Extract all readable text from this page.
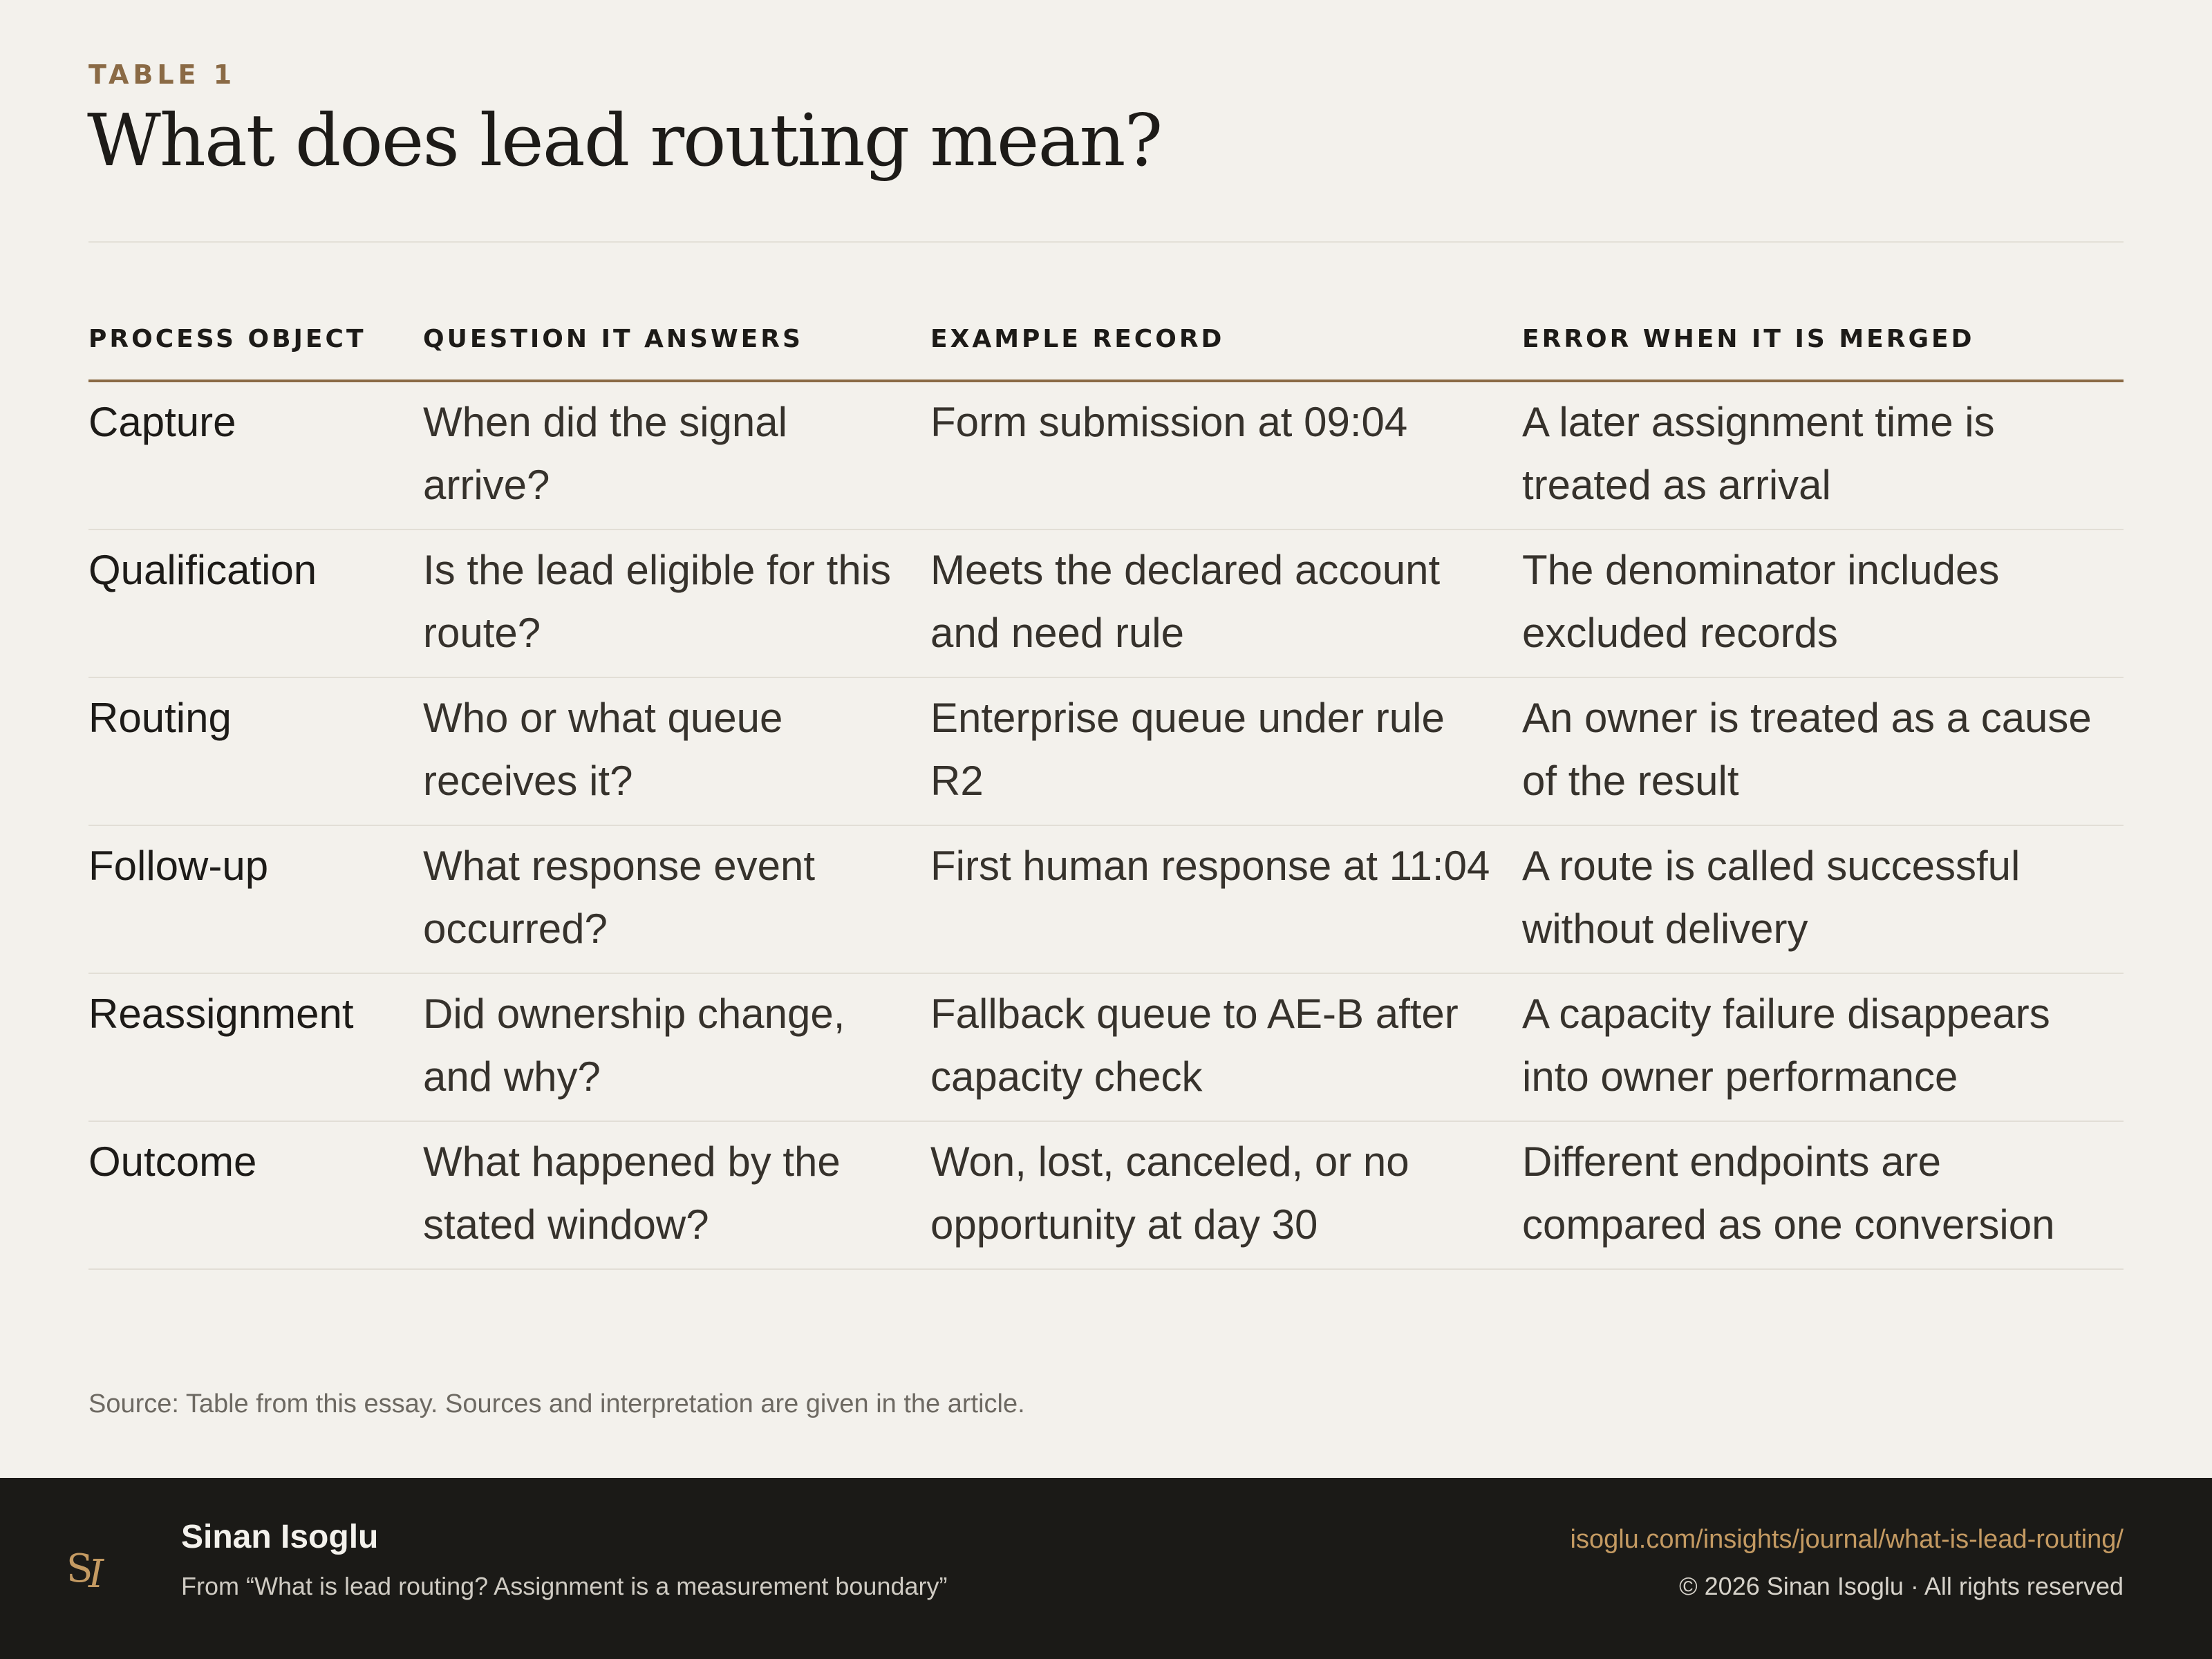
TABLE 1
What does lead routing mean?
PROCESS OBJECT	QUESTION IT ANSWERS	EXAMPLE RECORD	ERROR WHEN IT IS MERGED
Capture	When did the signal arrive?	Form submission at 09:04	A later assignment time is treated as arrival
Qualification	Is the lead eligible for this route?	Meets the declared account and need rule	The denominator includes excluded records
Routing	Who or what queue receives it?	Enterprise queue under rule R2	An owner is treated as a cause of the result
Follow-up	What response event occurred?	First human response at 11:04	A route is called successful without delivery
Reassignment	Did ownership change, and why?	Fallback queue to AE-B after capacity check	A capacity failure disappears into owner performance
Outcome	What happened by the stated window?	Won, lost, canceled, or no opportunity at day 30	Different endpoints are compared as one conversion
Source: Table from this essay. Sources and interpretation are given in the article.
S
I
Sinan Isoglu
From “What is lead routing? Assignment is a measurement boundary”
isoglu.com/insights/journal/what-is-lead-routing/
© 2026 Sinan Isoglu · All rights reserved
